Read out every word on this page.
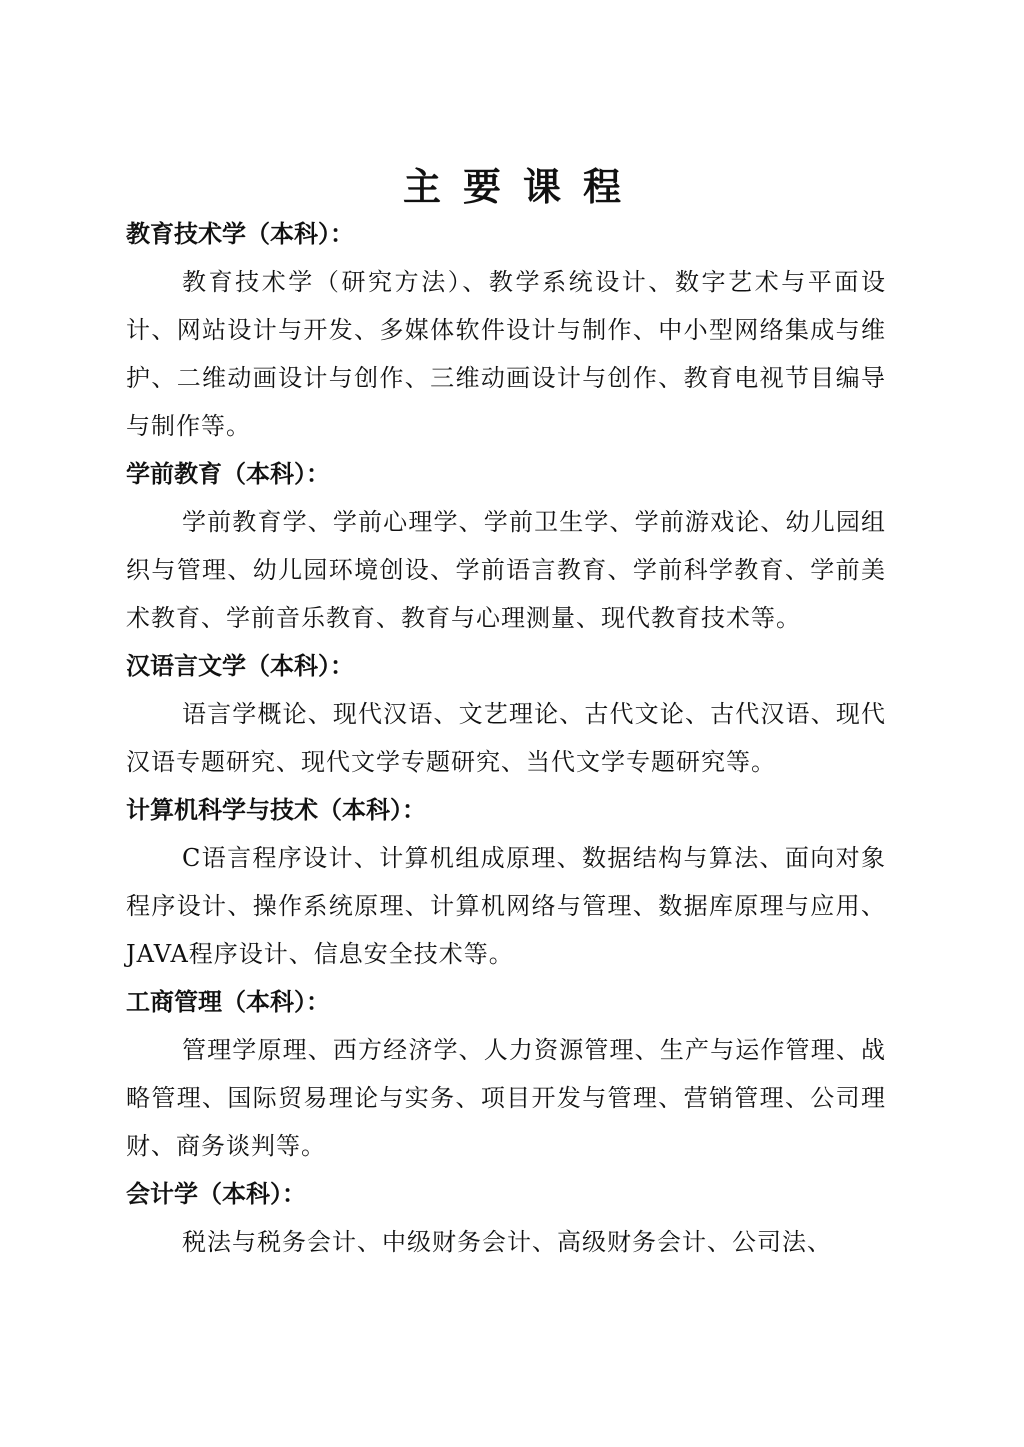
主要课程
教育技术学（本科）：

教育技术学（研究方法）、教学系统设计、数字艺术与平面设计、网站设计与开发、多媒体软件设计与制作、中小型网络集成与维护、二维动画设计与创作、三维动画设计与创作、教育电视节目编导与制作等。

学前教育（本科）：

学前教育学、学前心理学、学前卫生学、学前游戏论、幼儿园组织与管理、幼儿园环境创设、学前语言教育、学前科学教育、学前美术教育、学前音乐教育、教育与心理测量、现代教育技术等。

汉语言文学（本科）：

语言学概论、现代汉语、文艺理论、古代文论、古代汉语、现代汉语专题研究、现代文学专题研究、当代文学专题研究等。

计算机科学与技术（本科）：

C语言程序设计、计算机组成原理、数据结构与算法、面向对象程序设计、操作系统原理、计算机网络与管理、数据库原理与应用、JAVA程序设计、信息安全技术等。

工商管理（本科）：

管理学原理、西方经济学、人力资源管理、生产与运作管理、战略管理、国际贸易理论与实务、项目开发与管理、营销管理、公司理财、商务谈判等。

会计学（本科）：

税法与税务会计、中级财务会计、高级财务会计、公司法、
